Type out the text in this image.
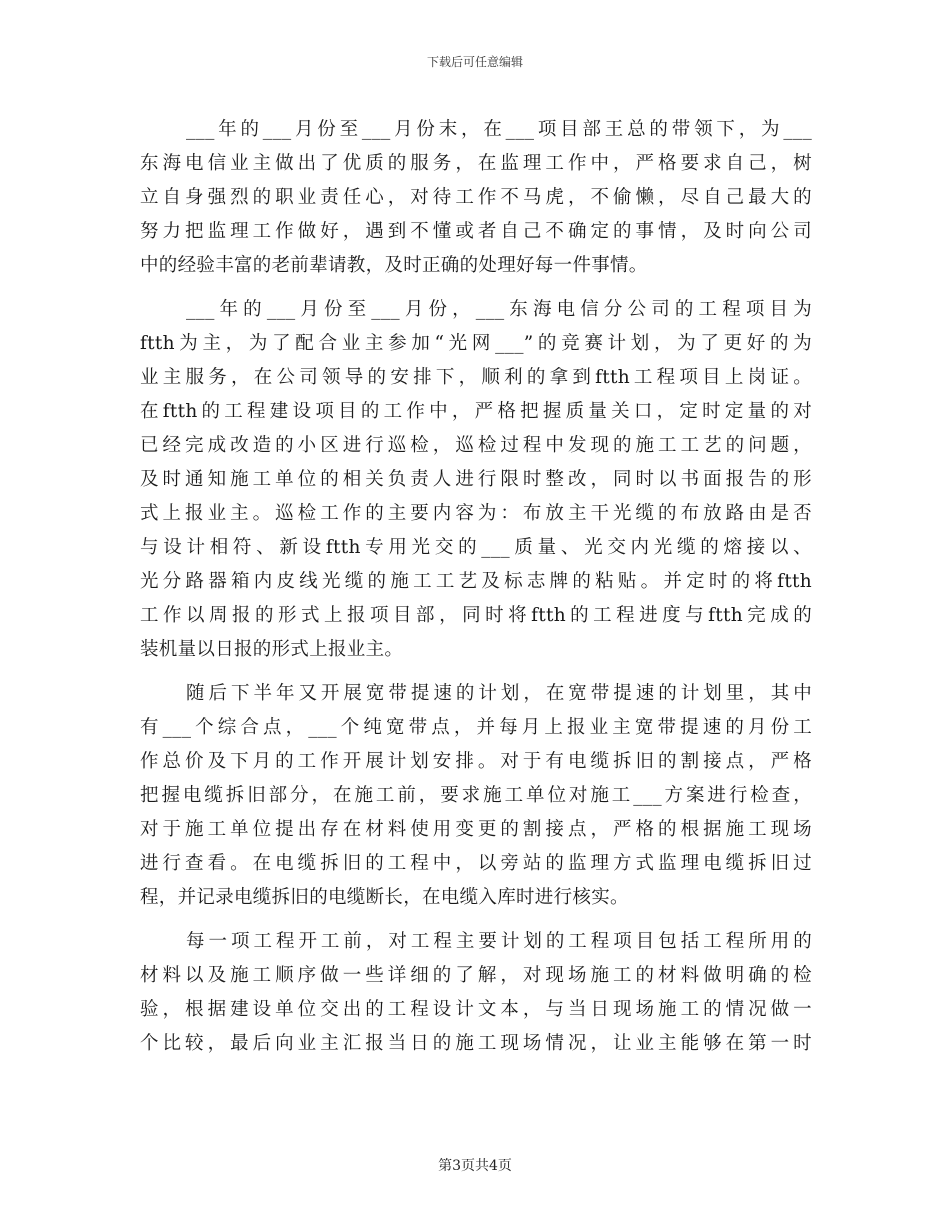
下载后可任意编辑
___年的___月份至___月份末，在___项目部王总的带领下，为___
东海电信业主做出了优质的服务，在监理工作中，严格要求自己，树
立自身强烈的职业责任心，对待工作不马虎，不偷懒，尽自己最大的
努力把监理工作做好，遇到不懂或者自己不确定的事情，及时向公司
中的经验丰富的老前辈请教，及时正确的处理好每一件事情。
___年的___月份至___月份，___东海电信分公司的工程项目为
ftth为主，为了配合业主参加“光网___”的竞赛计划，为了更好的为
业主服务，在公司领导的安排下，顺利的拿到ftth工程项目上岗证。
在ftth的工程建设项目的工作中，严格把握质量关口，定时定量的对
已经完成改造的小区进行巡检，巡检过程中发现的施工工艺的问题，
及时通知施工单位的相关负责人进行限时整改，同时以书面报告的形
式上报业主。巡检工作的主要内容为：布放主干光缆的布放路由是否
与设计相符、新设ftth专用光交的___质量、光交内光缆的熔接以、
光分路器箱内皮线光缆的施工工艺及标志牌的粘贴。并定时的将ftth
工作以周报的形式上报项目部，同时将ftth的工程进度与ftth完成的
装机量以日报的形式上报业主。
随后下半年又开展宽带提速的计划，在宽带提速的计划里，其中
有___个综合点，___个纯宽带点，并每月上报业主宽带提速的月份工
作总价及下月的工作开展计划安排。对于有电缆拆旧的割接点，严格
把握电缆拆旧部分，在施工前，要求施工单位对施工___方案进行检查，
对于施工单位提出存在材料使用变更的割接点，严格的根据施工现场
进行查看。在电缆拆旧的工程中，以旁站的监理方式监理电缆拆旧过
程，并记录电缆拆旧的电缆断长，在电缆入库时进行核实。
每一项工程开工前，对工程主要计划的工程项目包括工程所用的
材料以及施工顺序做一些详细的了解，对现场施工的材料做明确的检
验，根据建设单位交出的工程设计文本，与当日现场施工的情况做一
个比较，最后向业主汇报当日的施工现场情况，让业主能够在第一时
第3页共4页
